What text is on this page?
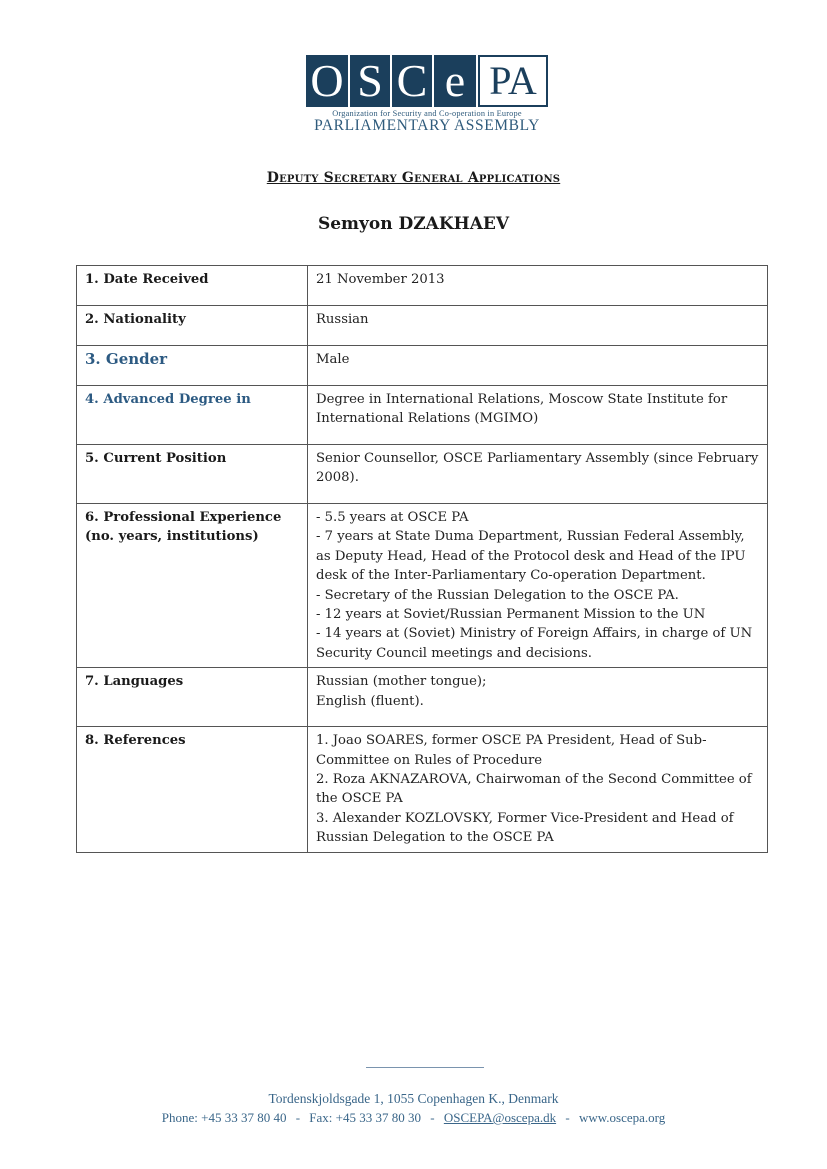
O S C e PA
Organization for Security and Co-operation in Europe
PARLIAMENTARY ASSEMBLY
Deputy Secretary General Applications
Semyon DZAKHAEV
1. Date Received	21 November 2013

2. Nationality	Russian

3. Gender	Male

4. Advanced Degree in	Degree in International Relations, Moscow State Institute for International Relations (MGIMO)

5. Current Position	Senior Counsellor, OSCE Parliamentary Assembly (since February 2008).

6. Professional Experience (no. years, institutions)	- 5.5 years at OSCE PA
- 7 years at State Duma Department, Russian Federal Assembly, as Deputy Head, Head of the Protocol desk and Head of the IPU desk of the Inter-Parliamentary Co-operation Department.
- Secretary of the Russian Delegation to the OSCE PA.
- 12 years at Soviet/Russian Permanent Mission to the UN
- 14 years at (Soviet) Ministry of Foreign Affairs, in charge of UN Security Council meetings and decisions.

7. Languages	Russian (mother tongue);
English (fluent).

8. References	1. Joao SOARES, former OSCE PA President, Head of Sub-Committee on Rules of Procedure
2. Roza AKNAZAROVA, Chairwoman of the Second Committee of the OSCE PA
3. Alexander KOZLOVSKY, Former Vice-President and Head of Russian Delegation to the OSCE PA
Tordenskjoldsgade 1, 1055 Copenhagen K., Denmark
Phone: +45 33 37 80 40 - Fax: +45 33 37 80 30 - OSCEPA@oscepa.dk - www.oscepa.org
